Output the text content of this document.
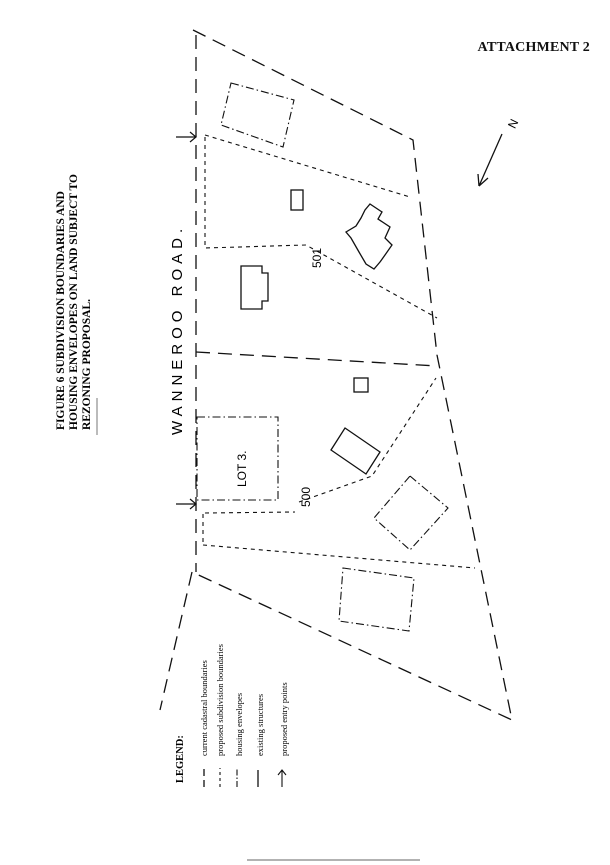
ATTACHMENT 2
FIGURE 6 SUBDIVISION BOUNDARIES AND HOUSING ENVELOPES ON LAND SUBJECT TO REZONING PROPOSAL.
N
WANNEROO ROAD.
LOT 3.
501
500
LEGEND:
current cadastral boundaries proposed subdivision boundaries housing envelopes existing structures proposed entry points
